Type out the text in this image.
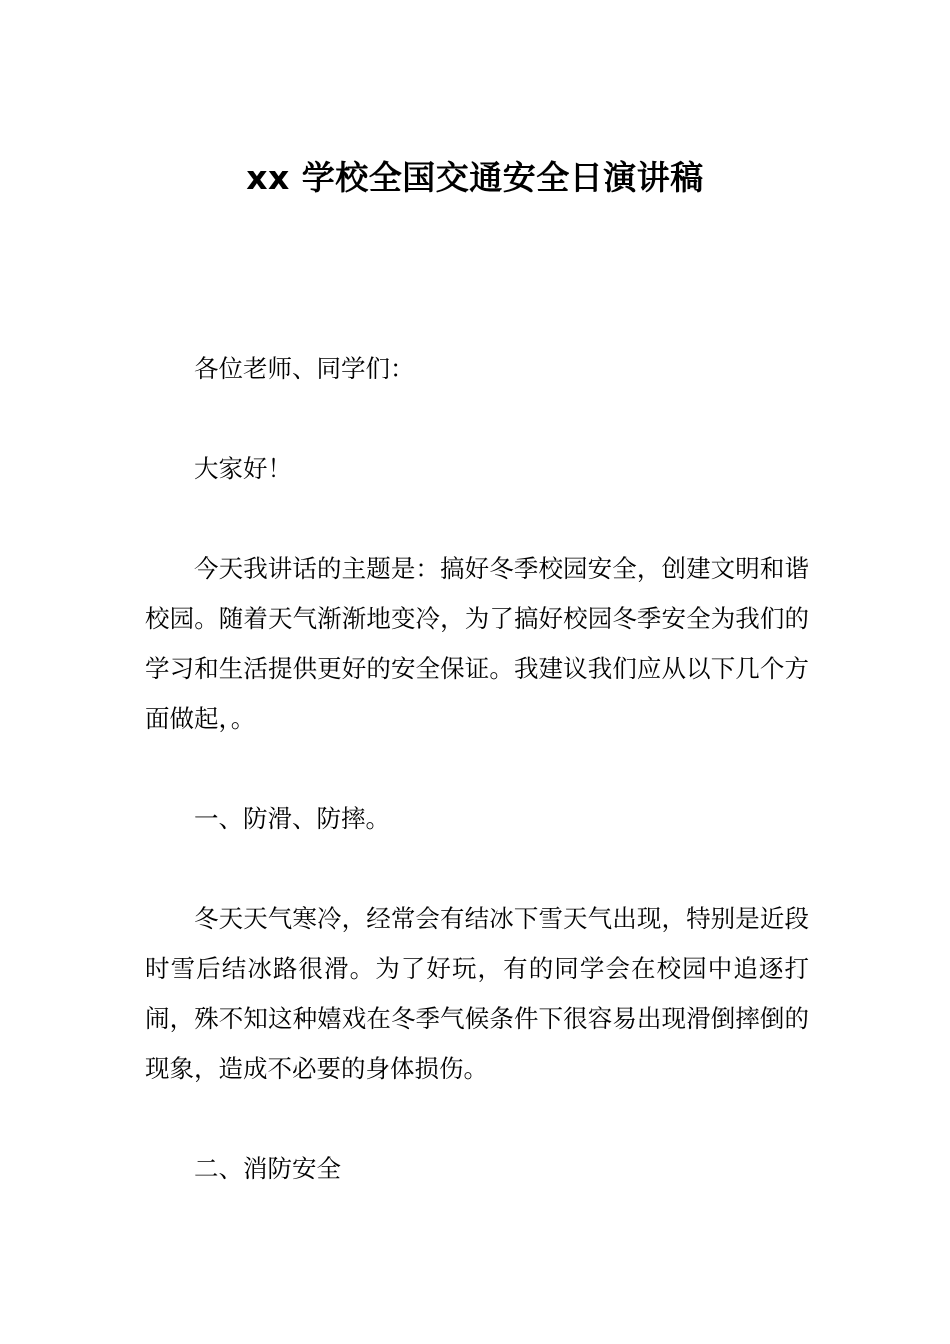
xx 学校全国交通安全日演讲稿

各位老师、同学们：

大家好！

今天我讲话的主题是：搞好冬季校园安全，创建文明和谐校园。随着天气渐渐地变冷，为了搞好校园冬季安全为我们的学习和生活提供更好的安全保证。我建议我们应从以下几个方面做起，。

一、防滑、防摔。

冬天天气寒冷，经常会有结冰下雪天气出现，特别是近段时雪后结冰路很滑。为了好玩，有的同学会在校园中追逐打闹，殊不知这种嬉戏在冬季气候条件下很容易出现滑倒摔倒的现象，造成不必要的身体损伤。

二、消防安全
